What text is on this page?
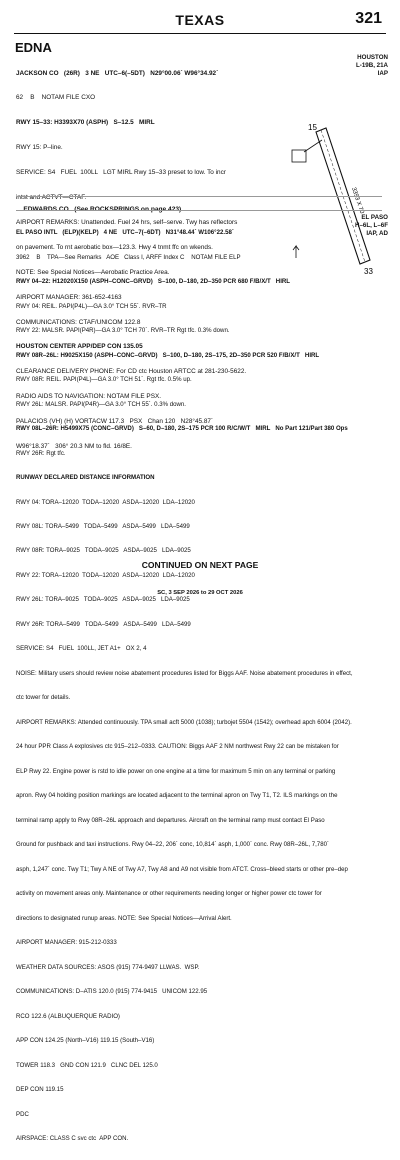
TEXAS	321
EDNA
HOUSTON
L-19B, 21A
IAP

JACKSON CO   (26R)   3 NE   UTC–6(–5DT)   N29°00.06´ W96°34.92´

62    B    NOTAM FILE CXO

RWY 15–33: H3393X70 (ASPH)   S–12.5   MIRL

RWY 15: P–line.

SERVICE: S4   FUEL  100LL   LGT MIRL Rwy 15–33 preset to low. To incr

intst and ACTVT—CTAF.

AIRPORT REMARKS: Unattended. Fuel 24 hrs, self–serve. Twy has reflectors

on pavement. To rnt aerobatic box—123.3. Hwy 4 tnmt ffc on wkends.

NOTE: See Special Notices—Aerobatic Practice Area.

AIRPORT MANAGER: 361-652-4163

COMMUNICATIONS: CTAF/UNICOM 122.8

HOUSTON CENTER APP/DEP CON 135.05

CLEARANCE DELIVERY PHONE: For CD ctc Houston ARTCC at 281-230-5622.

RADIO AIDS TO NAVIGATION: NOTAM FILE PSX.

PALACIOS (VH) (H) VORTACW 117.3   PSX   Chan 120   N28°45.87´

W96°18.37´   306° 20.3 NM to fld. 16/8E.

15
33
3393 X 70

EDWARDS CO   (See ROCKSPRINGS on page 423)

EL PASO
H–6L, L–6F
IAP, AD

EL PASO INTL   (ELP)(KELP)   4 NE   UTC–7(–6DT)   N31°48.44´ W106°22.58´

3962    B    TPA—See Remarks   AOE   Class I, ARFF Index C    NOTAM FILE ELP

RWY 04–22: H12020X150 (ASPH–CONC–GRVD)   S–100, D–180, 2D–350 PCR 680 F/B/X/T   HIRL

RWY 04: REIL. PAPI(P4L)—GA 3.0° TCH 55´. RVR–TR

RWY 22: MALSR. PAPI(P4R)—GA 3.0° TCH 70´. RVR–TR Rgt tfc. 0.3% down.

RWY 08R–26L: H9025X150 (ASPH–CONC–GRVD)   S–100, D–180, 2S–175, 2D–350 PCR 520 F/B/X/T   HIRL

RWY 08R: REIL. PAPI(P4L)—GA 3.0° TCH 51´. Rgt tfc. 0.5% up.

RWY 26L: MALSR. PAPI(P4R)—GA 3.0° TCH 55´. 0.3% down.

RWY 08L–26R: H5499X75 (CONC–GRVD)   S–60, D–180, 2S–175 PCR 100 R/C/W/T   MIRL   No Part 121/Part 380 Ops

RWY 26R: Rgt tfc.

RUNWAY DECLARED DISTANCE INFORMATION

RWY 04: TORA–12020  TODA–12020  ASDA–12020  LDA–12020

RWY 08L: TORA–5499   TODA–5499   ASDA–5499   LDA–5499

RWY 08R: TORA–9025   TODA–9025   ASDA–9025   LDA–9025

RWY 22: TORA–12020  TODA–12020  ASDA–12020  LDA–12020

RWY 26L: TORA–9025   TODA–9025   ASDA–9025   LDA–9025

RWY 26R: TORA–5499   TODA–5499   ASDA–5499   LDA–5499

SERVICE: S4   FUEL  100LL, JET A1+   OX 2, 4

NOISE: Military users should review noise abatement procedures listed for Biggs AAF. Noise abatement procedures in effect,

ctc tower for details.

AIRPORT REMARKS: Attended continuously. TPA small acft 5000 (1038); turbojet 5504 (1542); overhead apch 6004 (2042).

24 hour PPR Class A explosives ctc 915–212–0333. CAUTION: Biggs AAF 2 NM northwest Rwy 22 can be mistaken for

ELP Rwy 22. Engine power is rstd to idle power on one engine at a time for maximum 5 min on any terminal or parking

apron. Rwy 04 holding position markings are located adjacent to the terminal apron on Twy T1, T2. ILS markings on the

terminal ramp apply to Rwy 08R–26L approach and departures. Aircraft on the terminal ramp must contact El Paso

Ground for pushback and taxi instructions. Rwy 04–22, 206´ conc, 10,814´ asph, 1,000´ conc. Rwy 08R–26L, 7,780´

asph, 1,247´ conc. Twy T1; Twy A NE of Twy A7, Twy A8 and A9 not visible from ATCT. Cross–bleed starts or other pre–dep

activity on movement areas only. Maintenance or other requirements needing longer or higher power ctc tower for

directions to designated runup areas. NOTE: See Special Notices—Arrival Alert.

AIRPORT MANAGER: 915-212-0333

WEATHER DATA SOURCES: ASOS (915) 774-9497 LLWAS.  WSP.

COMMUNICATIONS: D–ATIS 120.0 (915) 774-9415   UNICOM 122.95

RCO 122.6 (ALBUQUERQUE RADIO)

APP CON 124.25 (North–V16) 119.15 (South–V16)

TOWER 118.3   GND CON 121.9   CLNC DEL 125.0

DEP CON 119.15

PDC

AIRSPACE: CLASS C svc ctc  APP CON.

CONTINUED ON NEXT PAGE
SC, 3 SEP 2026 to 29 OCT 2026
